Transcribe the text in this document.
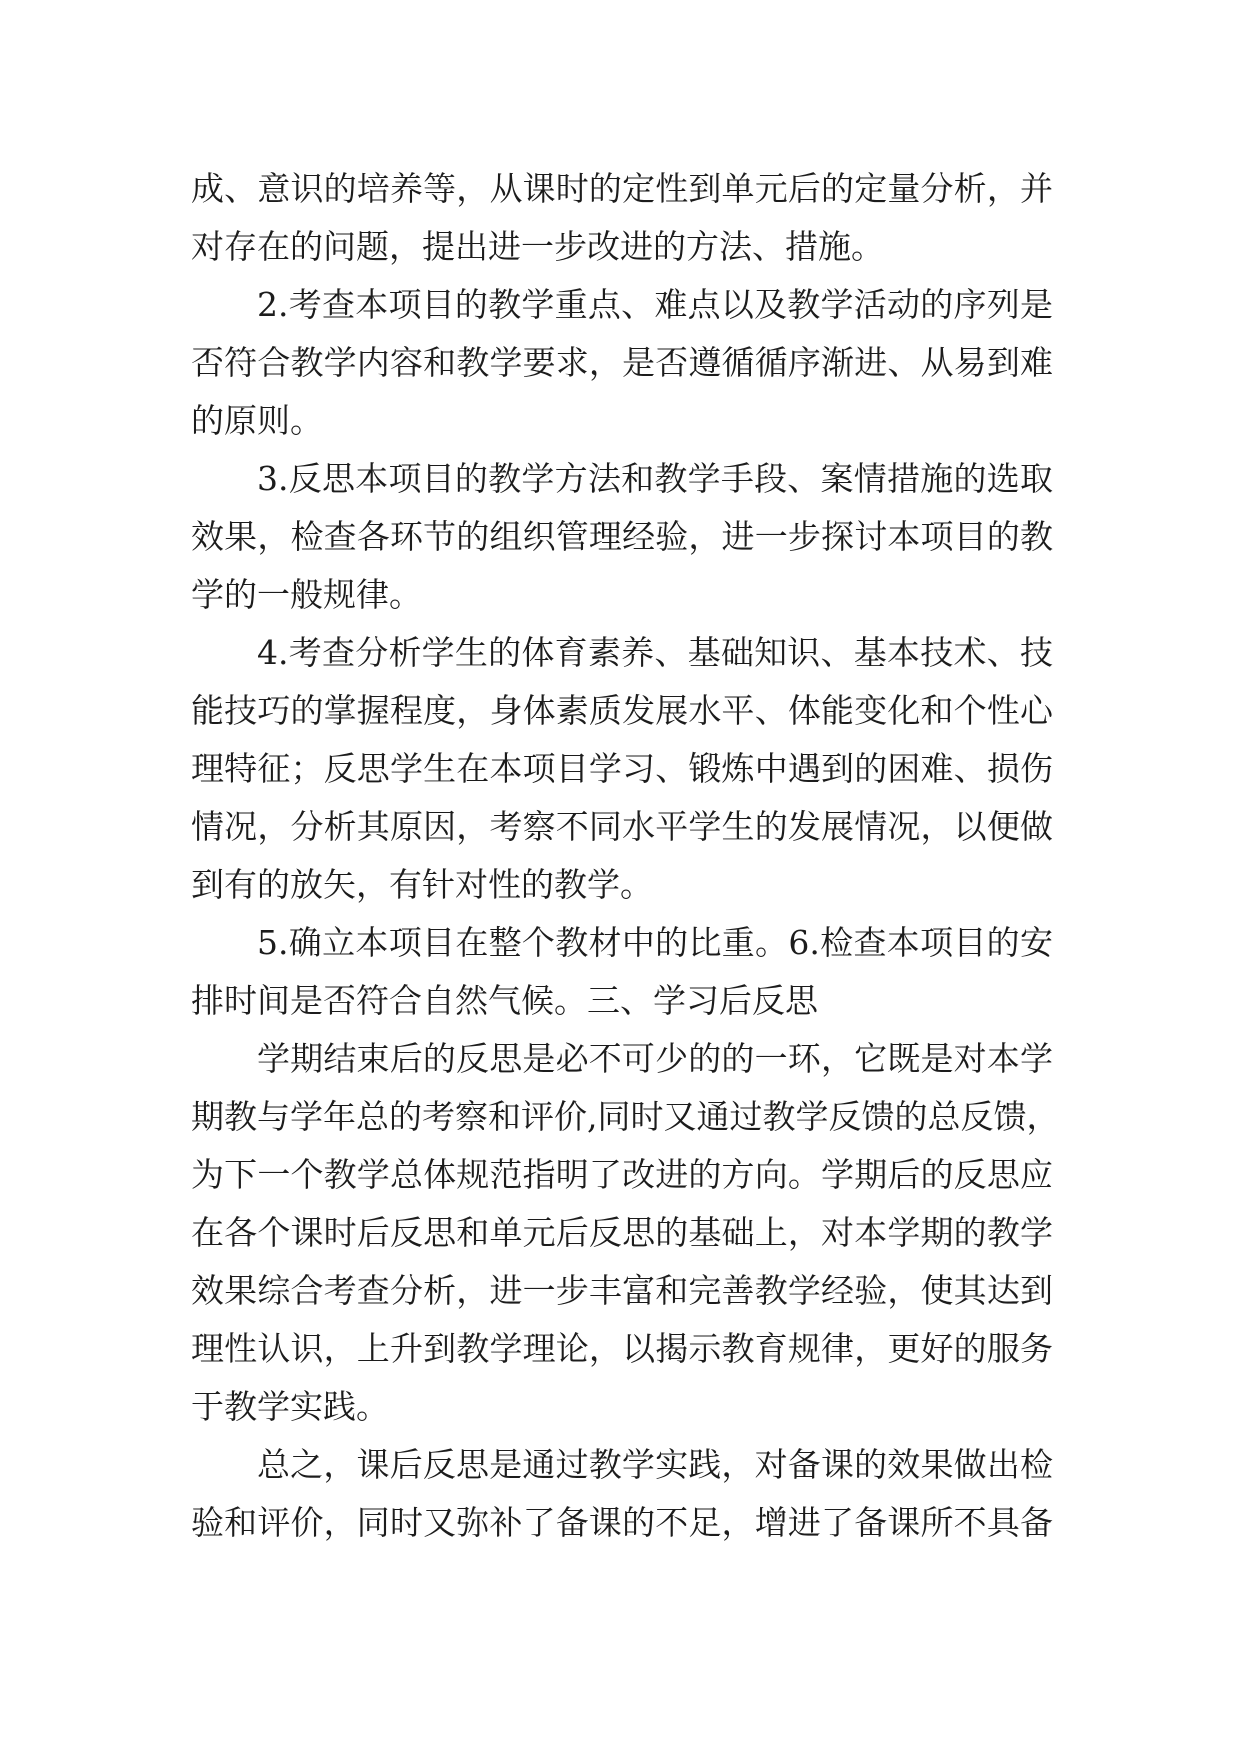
成、意识的培养等，从课时的定性到单元后的定量分析，并
对存在的问题，提出进一步改进的方法、措施。
2.考查本项目的教学重点、难点以及教学活动的序列是
否符合教学内容和教学要求，是否遵循循序渐进、从易到难
的原则。
3.反思本项目的教学方法和教学手段、案情措施的选取
效果，检查各环节的组织管理经验，进一步探讨本项目的教
学的一般规律。
4.考查分析学生的体育素养、基础知识、基本技术、技
能技巧的掌握程度，身体素质发展水平、体能变化和个性心
理特征；反思学生在本项目学习、锻炼中遇到的困难、损伤
情况，分析其原因，考察不同水平学生的发展情况，以便做
到有的放矢，有针对性的教学。
5.确立本项目在整个教材中的比重。6.检查本项目的安
排时间是否符合自然气候。三、学习后反思
学期结束后的反思是必不可少的的一环，它既是对本学
期教与学年总的考察和评价,同时又通过教学反馈的总反馈，
为下一个教学总体规范指明了改进的方向。学期后的反思应
在各个课时后反思和单元后反思的基础上，对本学期的教学
效果综合考查分析，进一步丰富和完善教学经验，使其达到
理性认识，上升到教学理论，以揭示教育规律，更好的服务
于教学实践。
总之，课后反思是通过教学实践，对备课的效果做出检
验和评价，同时又弥补了备课的不足，增进了备课所不具备
